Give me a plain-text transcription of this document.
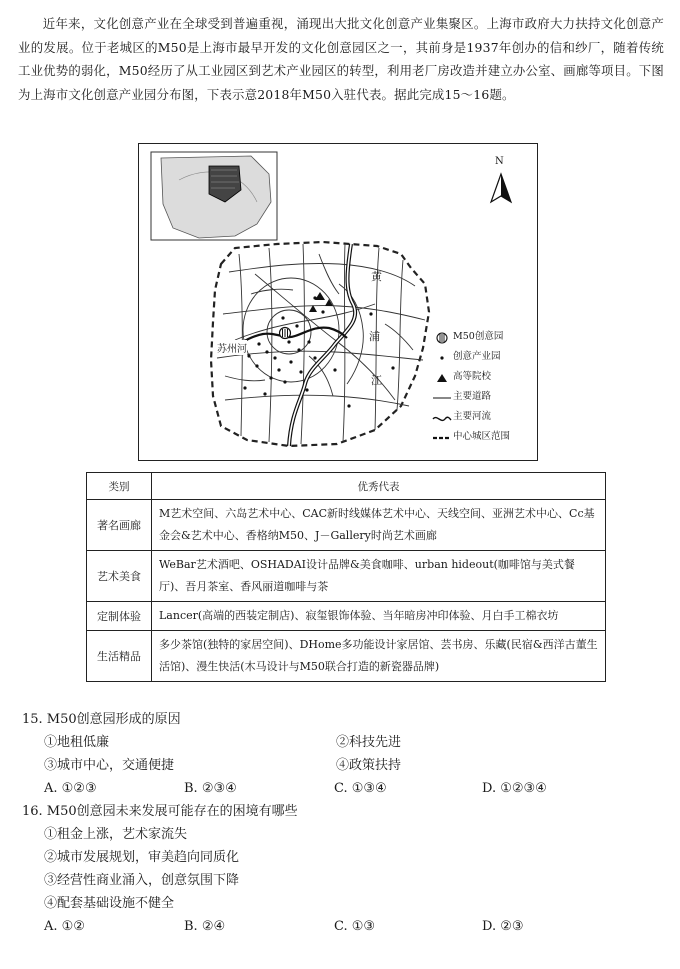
近年来，文化创意产业在全球受到普遍重视，涌现出大批文化创意产业集聚区。上海市政府大力扶持文化创意产业的发展。位于老城区的M50是上海市最早开发的文化创意园区之一，其前身是1937年创办的信和纱厂，随着传统工业优势的弱化，M50经历了从工业园区到艺术产业园区的转型，利用老厂房改造并建立办公室、画廊等项目。下图为上海市文化创意产业园分布图，下表示意2018年M50入驻代表。据此完成15～16题。

N
黄
浦
江
苏州河
M50创意园
创意产业园
高等院校
主要道路
主要河流
中心城区范围
类别	优秀代表
著名画廊	M艺术空间、六岛艺术中心、CAC新时线媒体艺术中心、天线空间、亚洲艺术中心、Cc基金会&艺术中心、香格纳M50、J－Gallery时尚艺术画廊
艺术美食	WeBar艺术酒吧、OSHADAI设计品牌&美食咖啡、urban hideout(咖啡馆与美式餐厅)、吾月茶室、香风丽道咖啡与茶
定制体验	Lancer(高端的西装定制店)、寂玺银饰体验、当年暗房冲印体验、月白手工棉衣坊
生活精品	多少茶馆(独特的家居空间)、DHome多功能设计家居馆、芸书房、乐藏(民宿&西洋古董生活馆)、漫生快活(木马设计与M50联合打造的新瓷器品牌)

15. M50创意园形成的原因

①地租低廉	②科技先进
③城市中心，交通便捷	④政策扶持
A. ①②③	B. ②③④	C. ①③④	D. ①②③④

16. M50创意园未来发展可能存在的困境有哪些

①租金上涨，艺术家流失
②城市发展规划，审美趋向同质化
③经营性商业涌入，创意氛围下降
④配套基础设施不健全
A. ①②	B. ②④	C. ①③	D. ②③
